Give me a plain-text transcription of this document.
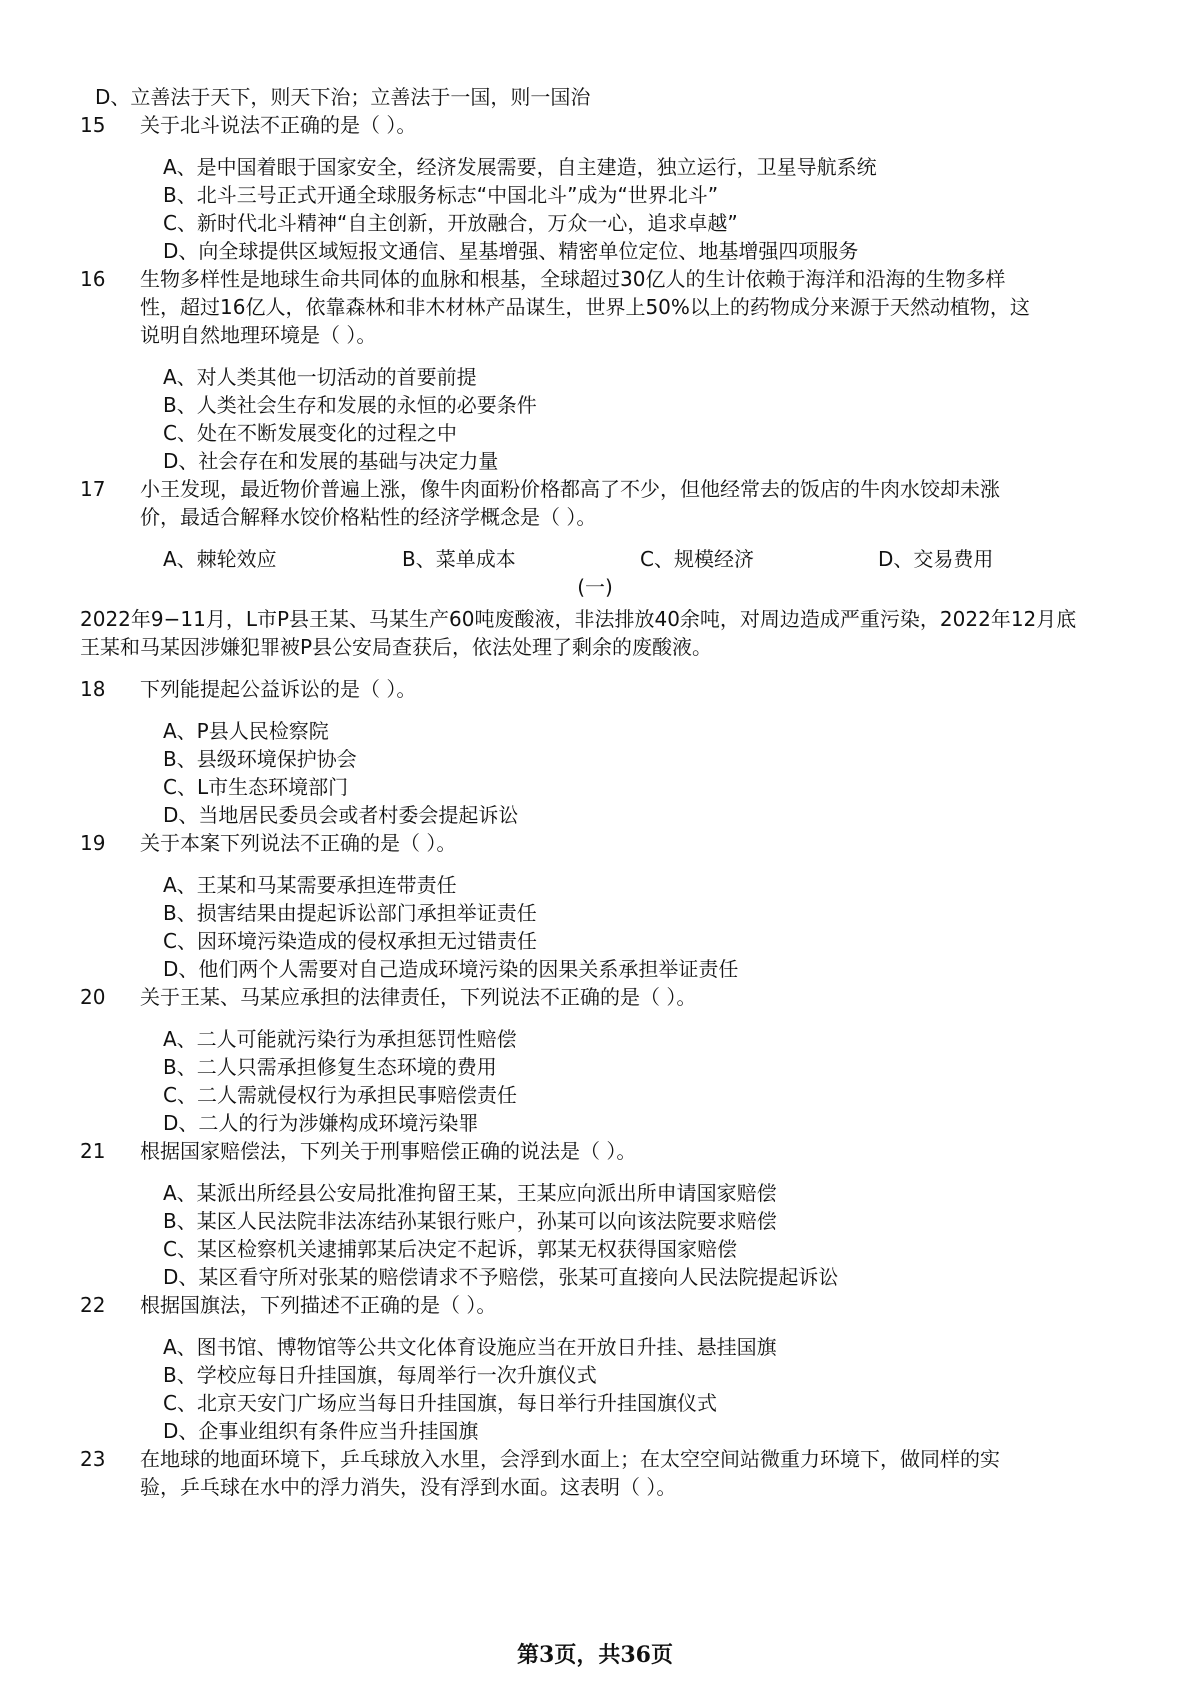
D、立善法于天下，则天下治；立善法于一国，则一国治
15 关于北斗说法不正确的是（ ）。
A、是中国着眼于国家安全，经济发展需要，自主建造，独立运行，卫星导航系统
B、北斗三号正式开通全球服务标志“中国北斗”成为“世界北斗”
C、新时代北斗精神“自主创新，开放融合，万众一心，追求卓越”
D、向全球提供区域短报文通信、星基增强、精密单位定位、地基增强四项服务
16 生物多样性是地球生命共同体的血脉和根基，全球超过30亿人的生计依赖于海洋和沿海的生物多样
性，超过16亿人，依靠森林和非木材林产品谋生，世界上50%以上的药物成分来源于天然动植物，这
说明自然地理环境是（ ）。
A、对人类其他一切活动的首要前提
B、人类社会生存和发展的永恒的必要条件
C、处在不断发展变化的过程之中
D、社会存在和发展的基础与决定力量
17 小王发现，最近物价普遍上涨，像牛肉面粉价格都高了不少，但他经常去的饭店的牛肉水饺却未涨
价，最适合解释水饺价格粘性的经济学概念是（ ）。
A、棘轮效应	B、菜单成本	C、规模经济	D、交易费用
(一)
2022年9−11月，L市P县王某、马某生产60吨废酸液，非法排放40余吨，对周边造成严重污染，2022年12月底
王某和马某因涉嫌犯罪被P县公安局查获后，依法处理了剩余的废酸液。
18 下列能提起公益诉讼的是（ ）。
A、P县人民检察院
B、县级环境保护协会
C、L市生态环境部门
D、当地居民委员会或者村委会提起诉讼
19 关于本案下列说法不正确的是（ ）。
A、王某和马某需要承担连带责任
B、损害结果由提起诉讼部门承担举证责任
C、因环境污染造成的侵权承担无过错责任
D、他们两个人需要对自己造成环境污染的因果关系承担举证责任
20 关于王某、马某应承担的法律责任，下列说法不正确的是（ ）。
A、二人可能就污染行为承担惩罚性赔偿
B、二人只需承担修复生态环境的费用
C、二人需就侵权行为承担民事赔偿责任
D、二人的行为涉嫌构成环境污染罪
21 根据国家赔偿法，下列关于刑事赔偿正确的说法是（ ）。
A、某派出所经县公安局批准拘留王某，王某应向派出所申请国家赔偿
B、某区人民法院非法冻结孙某银行账户，孙某可以向该法院要求赔偿
C、某区检察机关逮捕郭某后决定不起诉，郭某无权获得国家赔偿
D、某区看守所对张某的赔偿请求不予赔偿，张某可直接向人民法院提起诉讼
22 根据国旗法，下列描述不正确的是（ ）。
A、图书馆、博物馆等公共文化体育设施应当在开放日升挂、悬挂国旗
B、学校应每日升挂国旗，每周举行一次升旗仪式
C、北京天安门广场应当每日升挂国旗，每日举行升挂国旗仪式
D、企事业组织有条件应当升挂国旗
23 在地球的地面环境下，乒乓球放入水里，会浮到水面上；在太空空间站微重力环境下，做同样的实
验，乒乓球在水中的浮力消失，没有浮到水面。这表明（ ）。
第3页，共36页
